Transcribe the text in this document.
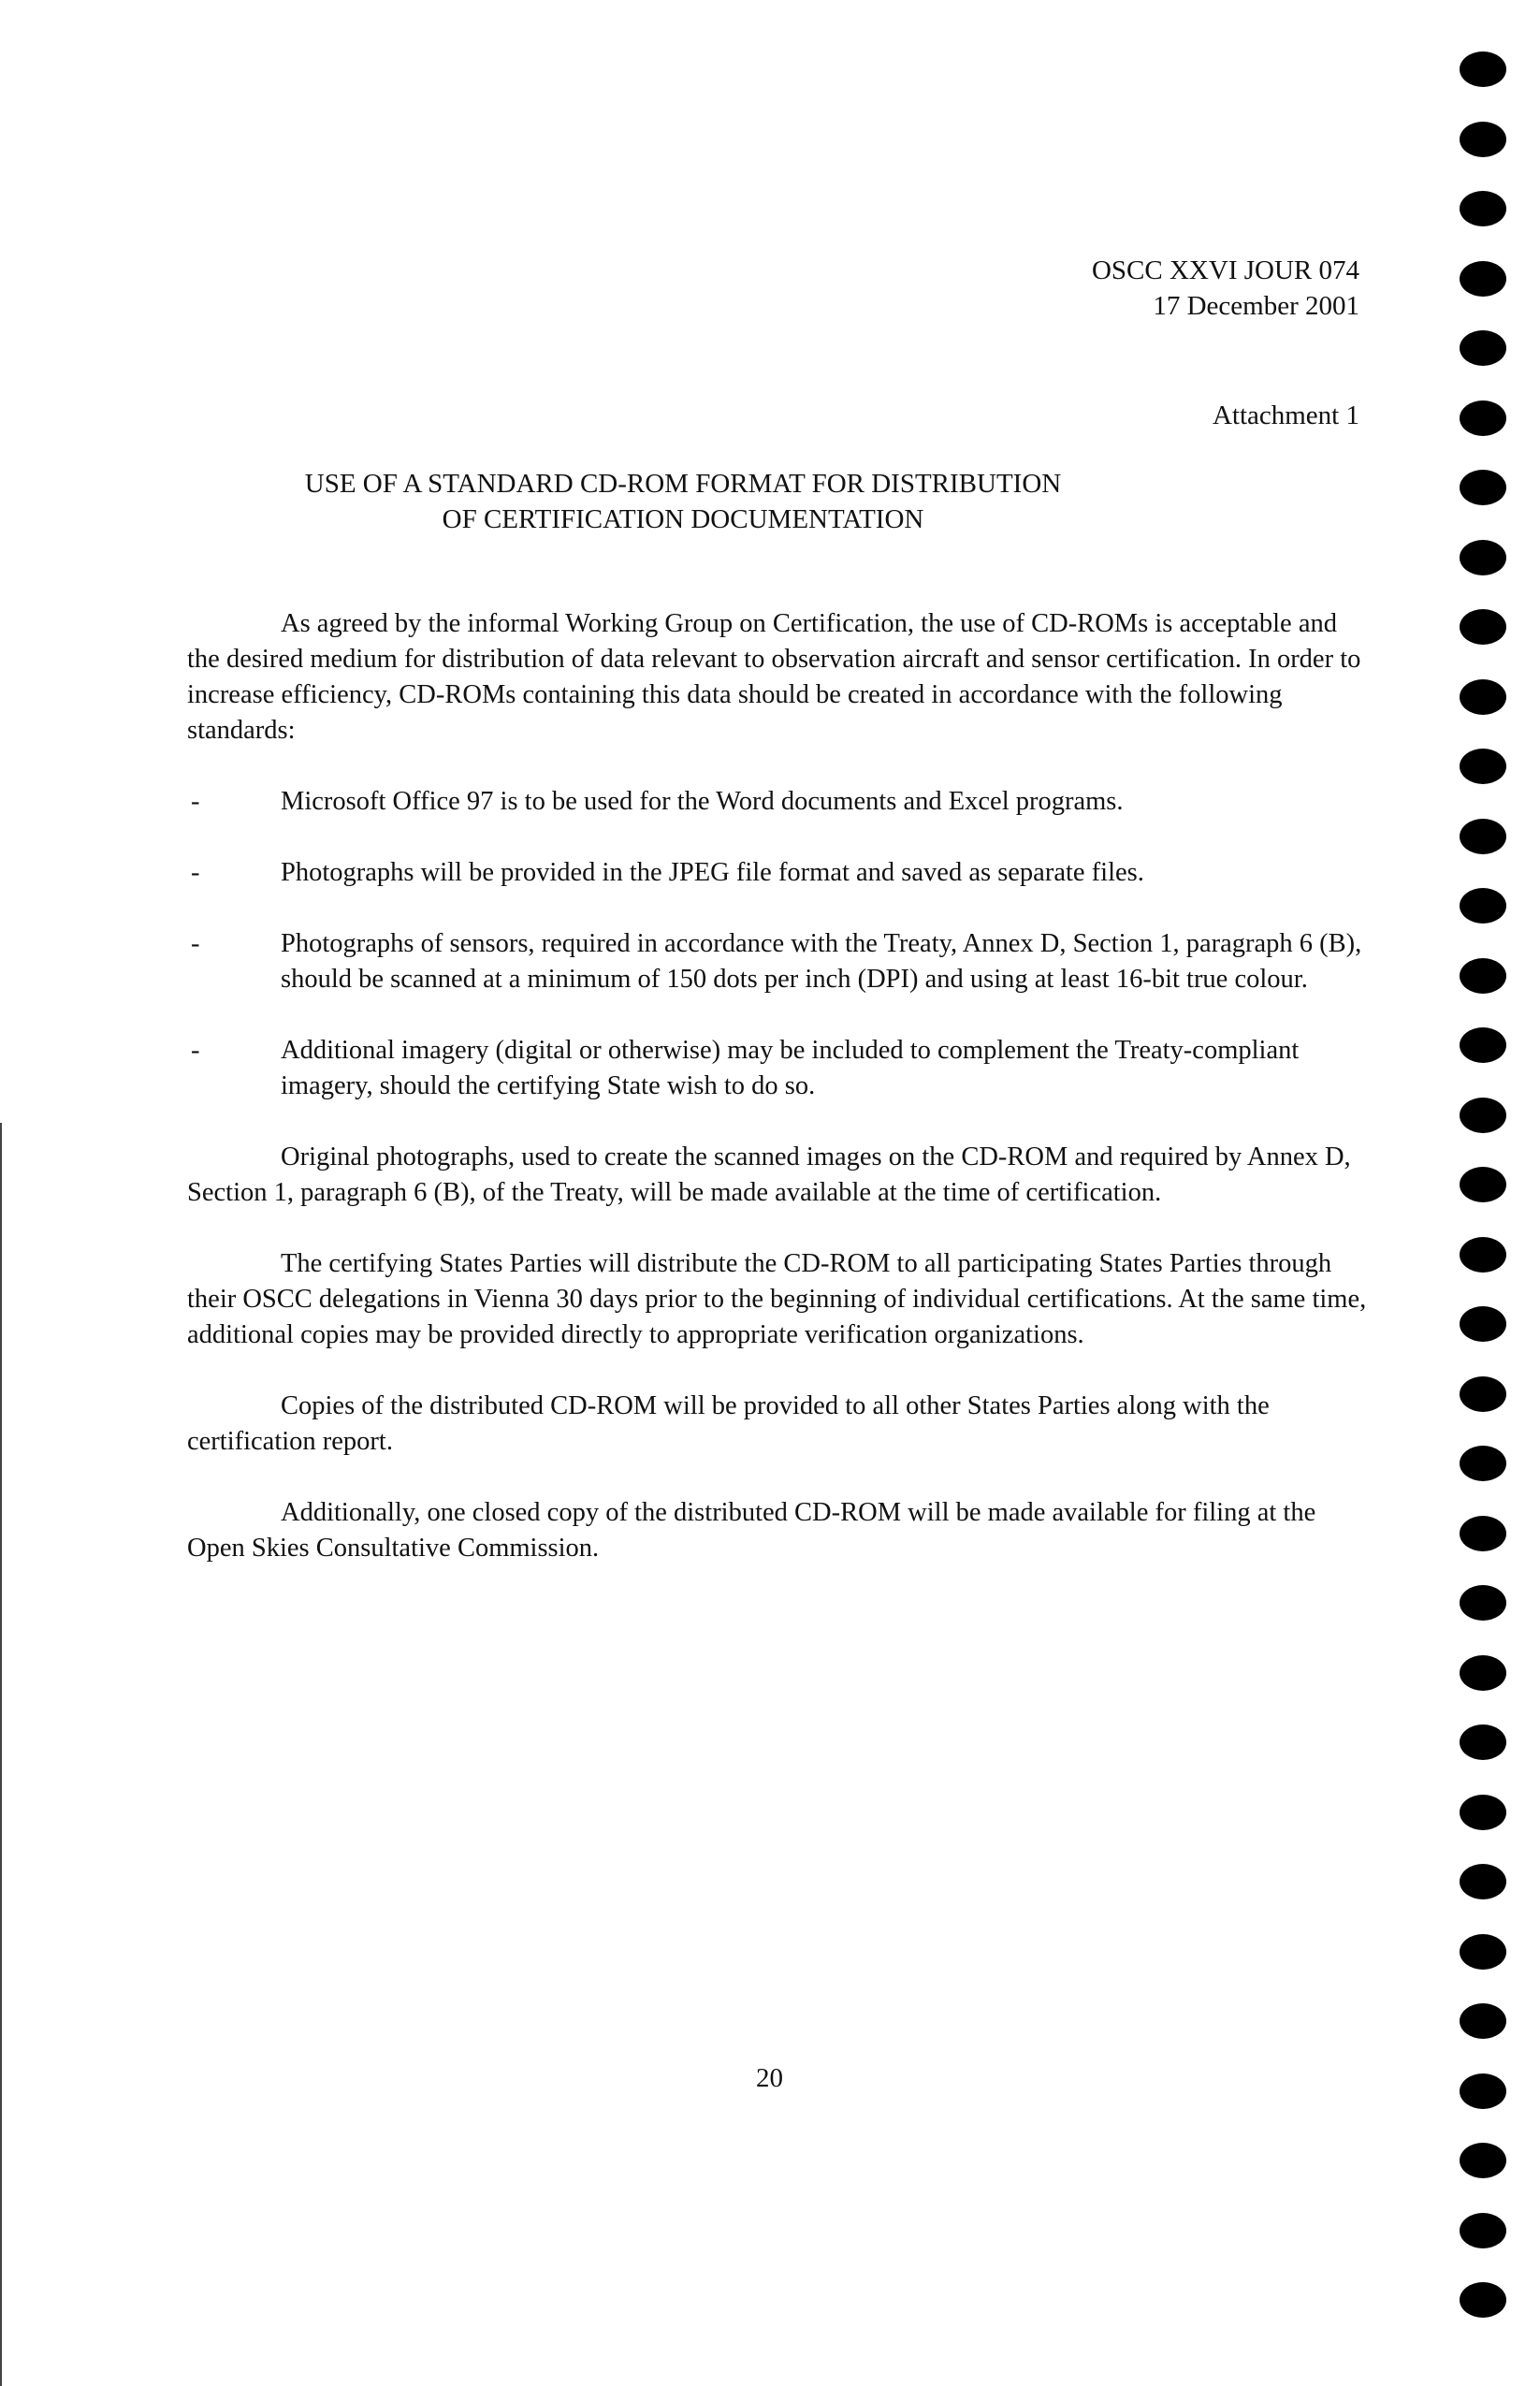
OSCC XXVI JOUR 074
17 December 2001
Attachment 1
USE OF A STANDARD CD-ROM FORMAT FOR DISTRIBUTION
OF CERTIFICATION DOCUMENTATION

As agreed by the informal Working Group on Certification, the use of CD-ROMs is acceptable and the desired medium for distribution of data relevant to observation aircraft and sensor certification. In order to increase efficiency, CD-ROMs containing this data should be created in accordance with the following standards:

-	Microsoft Office 97 is to be used for the Word documents and Excel programs.
-	Photographs will be provided in the JPEG file format and saved as separate files.
-	Photographs of sensors, required in accordance with the Treaty, Annex D, Section 1, paragraph 6 (B), should be scanned at a minimum of 150 dots per inch (DPI) and using at least 16-bit true colour.
-	Additional imagery (digital or otherwise) may be included to complement the Treaty-compliant imagery, should the certifying State wish to do so.

Original photographs, used to create the scanned images on the CD-ROM and required by Annex D, Section 1, paragraph 6 (B), of the Treaty, will be made available at the time of certification.

The certifying States Parties will distribute the CD-ROM to all participating States Parties through their OSCC delegations in Vienna 30 days prior to the beginning of individual certifications. At the same time, additional copies may be provided directly to appropriate verification organizations.

Copies of the distributed CD-ROM will be provided to all other States Parties along with the certification report.

Additionally, one closed copy of the distributed CD-ROM will be made available for filing at the Open Skies Consultative Commission.

20
